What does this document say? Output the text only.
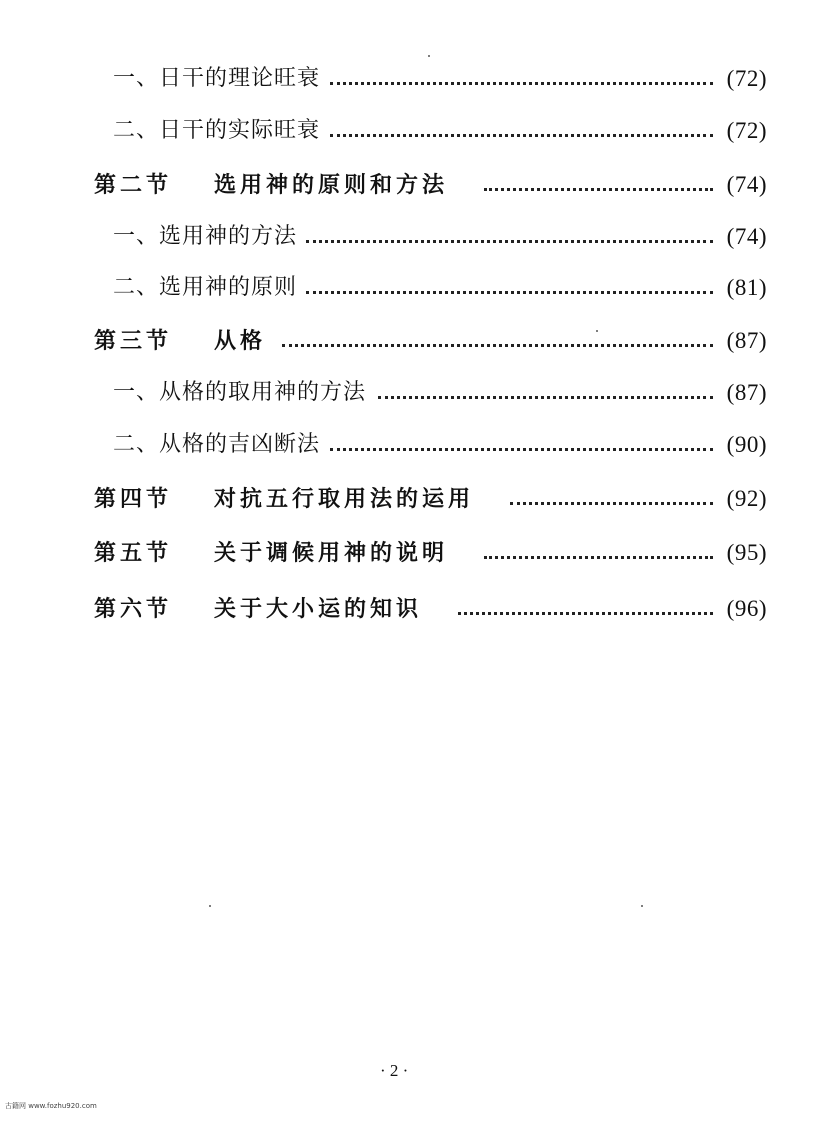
一、日干的理论旺衰	(72)
二、日干的实际旺衰	(72)
第二节 选用神的原则和方法	(74)
一、选用神的方法	(74)
二、选用神的原则	(81)
第三节 从格	(87)
一、从格的取用神的方法	(87)
二、从格的吉凶断法	(90)
第四节 对抗五行取用法的运用	(92)
第五节 关于调候用神的说明	(95)
第六节 关于大小运的知识	(96)
· 2 ·
古籍网 www.fozhu920.com
